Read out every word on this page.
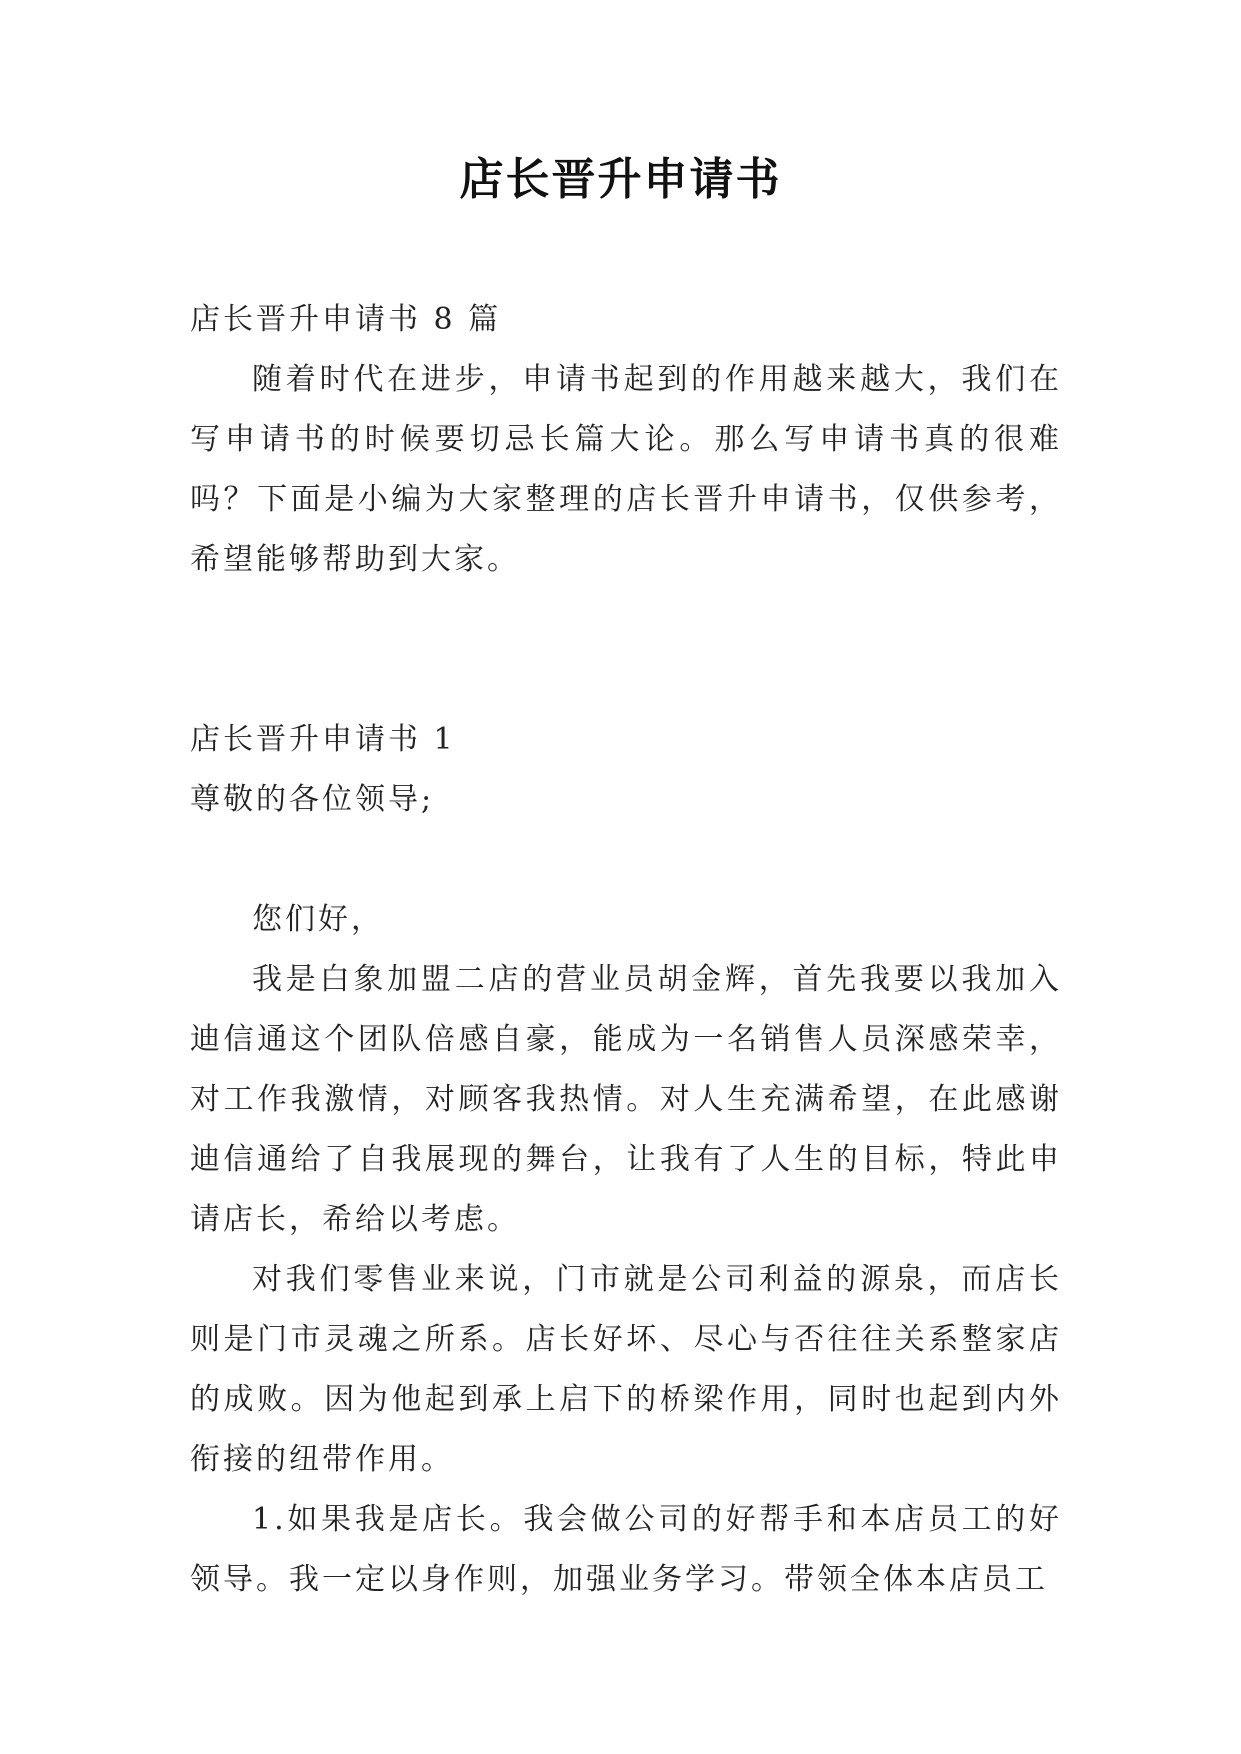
店长晋升申请书

店长晋升申请书 8 篇

随着时代在进步，申请书起到的作用越来越大，我们在写申请书的时候要切忌长篇大论。那么写申请书真的很难吗？下面是小编为大家整理的店长晋升申请书，仅供参考，希望能够帮助到大家。

店长晋升申请书 1

尊敬的各位领导;

您们好，

我是白象加盟二店的营业员胡金辉，首先我要以我加入迪信通这个团队倍感自豪，能成为一名销售人员深感荣幸，对工作我激情，对顾客我热情。对人生充满希望，在此感谢迪信通给了自我展现的舞台，让我有了人生的目标，特此申请店长，希给以考虑。

对我们零售业来说，门市就是公司利益的源泉，而店长则是门市灵魂之所系。店长好坏、尽心与否往往关系整家店的成败。因为他起到承上启下的桥梁作用，同时也起到内外衔接的纽带作用。

1.如果我是店长。我会做公司的好帮手和本店员工的好领导。我一定以身作则，加强业务学习。带领全体本店员工
